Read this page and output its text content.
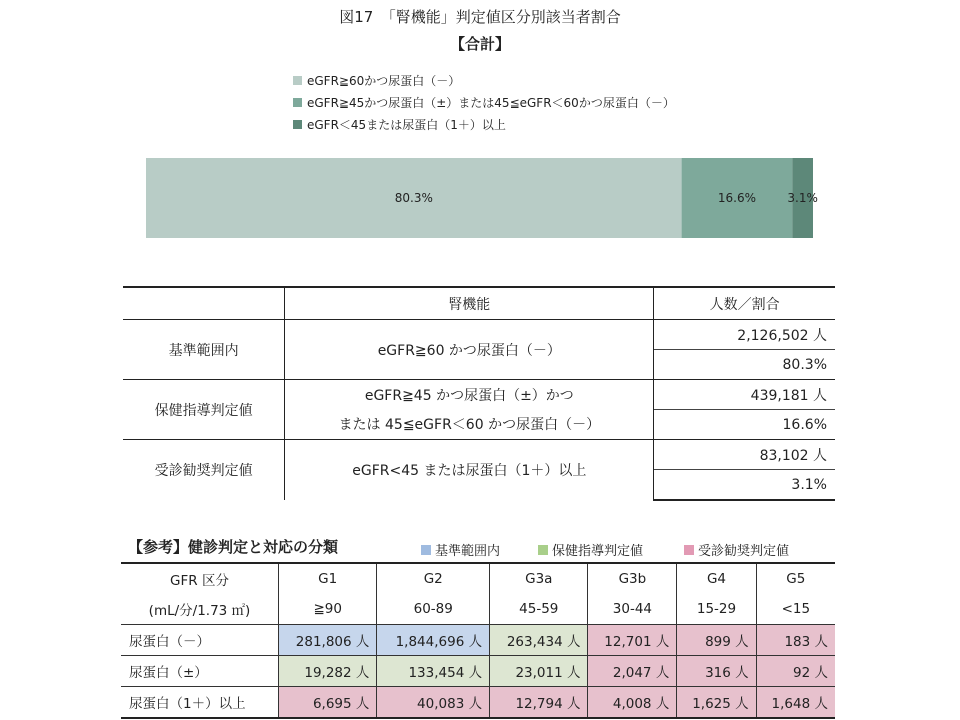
図17　「腎機能」判定値区分別該当者割合
【合計】
eGFR≧60かつ尿蛋白（－）
eGFR≧45かつ尿蛋白（±）または45≦eGFR＜60かつ尿蛋白（－）
eGFR＜45または尿蛋白（1＋）以上
80.3%	16.6%	3.1%
	腎機能	人数／割合
基準範囲内	eGFR≧60 かつ尿蛋白（－）	2,126,502 人
		80.3%
保健指導判定値	eGFR≧45 かつ尿蛋白（±）かつ	439,181 人
	または 45≦eGFR＜60 かつ尿蛋白（－）	16.6%
受診勧奨判定値	eGFR<45 または尿蛋白（1＋）以上	83,102 人
		3.1%
【参考】健診判定と対応の分類	基準範囲内	保健指導判定値	受診勧奨判定値
GFR 区分	G1	G2	G3a	G3b	G4	G5
(mL/分/1.73 ㎡)	≧90	60-89	45-59	30-44	15-29	<15
尿蛋白（－）	281,806 人	1,844,696 人	263,434 人	12,701 人	899 人	183 人
尿蛋白（±）	19,282 人	133,454 人	23,011 人	2,047 人	316 人	92 人
尿蛋白（1＋）以上	6,695 人	40,083 人	12,794 人	4,008 人	1,625 人	1,648 人
